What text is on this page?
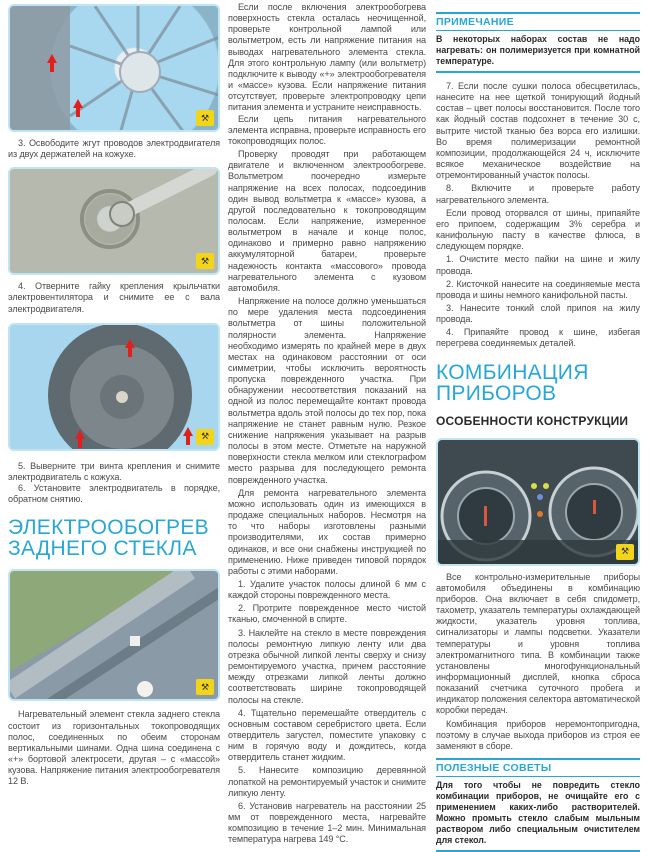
⚒

3. Освободите жгут проводов электродвигателя из двух держателей на кожухе.

⚒

4. Отверните гайку крепления крыльчатки электровентилятора и снимите ее с вала электродвигателя.

⚒

5. Выверните три винта крепления и снимите электродвигатель с кожуха.

6. Установите электродвигатель в порядке, обратном снятию.

ЭЛЕКТРООБОГРЕВ
ЗАДНЕГО СТЕКЛА
⚒

Нагревательный элемент стекла заднего стекла состоит из горизонтальных токопроводящих полос, соединенных по обеим сторонам вертикальными шинами. Одна шина соединена с «+» бортовой электросети, другая – с «массой» кузова. Напряжение питания электрообогревателя 12 В.

Если после включения электрообогрева поверхность стекла осталась неочищенной, проверьте контрольной лампой или вольтметром, есть ли напряжение питания на выводах нагревательного элемента стекла. Для этого контрольную лампу (или вольтметр) подключите к выводу «+» электрообогревателя и «массе» кузова. Если напряжение питания отсутствует, проверьте электропроводку цепи питания элемента и устраните неисправность.

Если цепь питания нагревательного элемента исправна, проверьте исправность его токопроводящих полос.

Проверку проводят при работающем двигателе и включенном электрообогреве. Вольтметром поочередно измерьте напряжение на всех полосах, подсоединив один вывод вольтметра к «массе» кузова, а другой последовательно к токопроводящим полосам. Если напряжение, измеренное вольтметром в начале и конце полос, одинаково и примерно равно напряжению аккумуляторной батареи, проверьте надежность контакта «массового» провода нагревательного элемента с кузовом автомобиля.

Напряжение на полосе должно уменьшаться по мере удаления места подсоединения вольтметра от шины положительной полярности элемента. Напряжение необходимо измерять по крайней мере в двух местах на одинаковом расстоянии от оси симметрии, чтобы исключить вероятность пропуска поврежденного участка. При обнаружении несоответствия показаний на одной из полос перемещайте контакт провода вольтметра вдоль этой полосы до тех пор, пока напряжение не станет равным нулю. Резкое снижение напряжения указывает на разрыв полосы в этом месте. Отметьте на наружной поверхности стекла мелком или стеклографом место разрыва для последующего ремонта поврежденного участка.

Для ремонта нагревательного элемента можно использовать один из имеющихся в продаже специальных наборов. Несмотря на то что наборы изготовлены разными производителями, их состав примерно одинаков, и все они снабжены инструкцией по применению. Ниже приведен типовой порядок работы с этими наборами.

1. Удалите участок полосы длиной 6 мм с каждой стороны поврежденного места.

2. Протрите поврежденное место чистой тканью, смоченной в спирте.

3. Наклейте на стекло в месте повреждения полосы ремонтную липкую ленту или два отрезка обычной липкой ленты сверху и снизу ремонтируемого участка, причем расстояние между отрезками липкой ленты должно соответствовать ширине токопроводящей полосы на стекле.

4. Тщательно перемешайте отвердитель с основным составом серебристого цвета. Если отвердитель загустел, поместите упаковку с ним в горячую воду и дождитесь, когда отвердитель станет жидким.

5. Нанесите композицию деревянной лопаткой на ремонтируемый участок и снимите липкую ленту.

6. Установив нагреватель на расстоянии 25 мм от поврежденного места, нагревайте композицию в течение 1–2 мин. Минимальная температура нагрева 149 °С.

ПРИМЕЧАНИЕ
В некоторых наборах состав не надо нагревать: он полимеризуется при комнатной температуре.

7. Если после сушки полоса обесцветилась, нанесите на нее щеткой тонирующий йодный состав – цвет полосы восстановится. После того как йодный состав подсохнет в течение 30 с, вытрите чистой тканью без ворса его излишки. Во время полимеризации ремонтной композиции, продолжающейся 24 ч, исключите всякое механическое воздействие на отремонтированный участок полосы.

8. Включите и проверьте работу нагревательного элемента.

Если провод оторвался от шины, припаяйте его припоем, содержащим 3% серебра и канифольную пасту в качестве флюса, в следующем порядке.

1. Очистите место пайки на шине и жилу провода.

2. Кисточкой нанесите на соединяемые места провода и шины немного канифольной пасты.

3. Нанесите тонкий слой припоя на жилу провода.

4. Припаяйте провод к шине, избегая перегрева соединяемых деталей.

КОМБИНАЦИЯ
ПРИБОРОВ
ОСОБЕННОСТИ КОНСТРУКЦИИ
⚒

Все контрольно-измерительные приборы автомобиля объединены в комбинацию приборов. Она включает в себя спидометр, тахометр, указатель температуры охлаждающей жидкости, указатель уровня топлива, сигнализаторы и лампы подсветки. Указатели температуры и уровня топлива электромагнитного типа. В комбинации также установлены многофункциональный информационный дисплей, кнопка сброса показаний счетчика суточного пробега и индикатор положения селектора автоматической коробки передач.

Комбинация приборов неремонтопригодна, поэтому в случае выхода приборов из строя ее заменяют в сборе.

ПОЛЕЗНЫЕ СОВЕТЫ
Для того чтобы не повредить стекло комбинации приборов, не очищайте его с применением каких-либо растворителей. Можно промыть стекло слабым мыльным раствором либо специальным очистителем для стекол.
